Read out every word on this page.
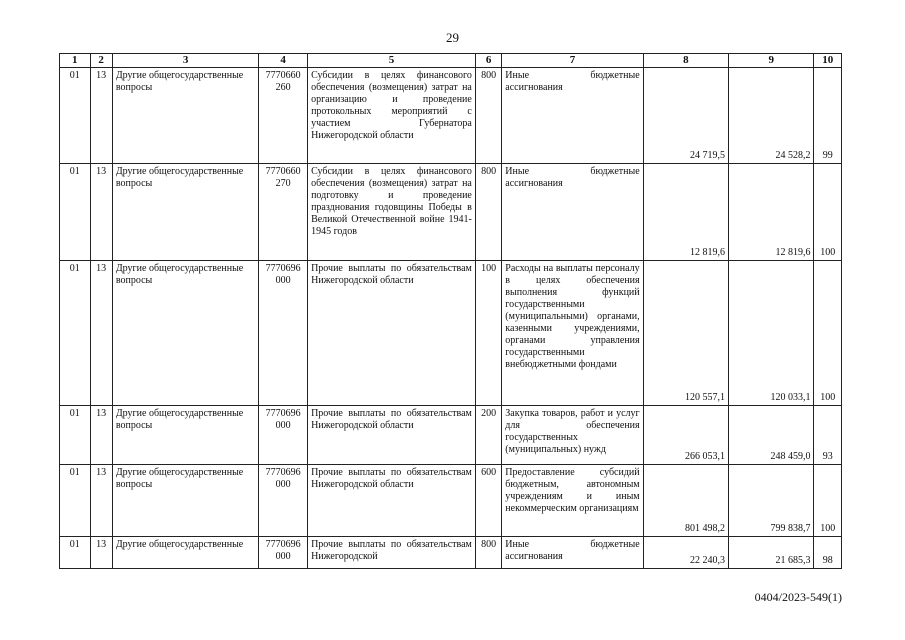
29
1	2	3	4	5	6	7	8	9	10
01	13	Другие общегосударственные вопросы	7770660 260	Субсидии в целях финансового обеспечения (возмещения) затрат на организацию и проведение протокольных мероприятий с участием Губернатора Нижегородской области	800	Иные бюджетные ассигнования	24 719,5	24 528,2	99
01	13	Другие общегосударственные вопросы	7770660 270	Субсидии в целях финансового обеспечения (возмещения) затрат на подготовку и проведение празднования годовщины Победы в Великой Отечественной войне 1941-1945 годов	800	Иные бюджетные ассигнования	12 819,6	12 819,6	100
01	13	Другие общегосударственные вопросы	7770696 000	Прочие выплаты по обязательствам Нижегородской области	100	Расходы на выплаты персоналу в целях обеспечения выполнения функций государственными (муниципальными) органами, казенными учреждениями, органами управления государственными внебюджетными фондами	120 557,1	120 033,1	100
01	13	Другие общегосударственные вопросы	7770696 000	Прочие выплаты по обязательствам Нижегородской области	200	Закупка товаров, работ и услуг для обеспечения государственных (муниципальных) нужд	266 053,1	248 459,0	93
01	13	Другие общегосударственные вопросы	7770696 000	Прочие выплаты по обязательствам Нижегородской области	600	Предоставление субсидий бюджетным, автономным учреждениям и иным некоммерческим организациям	801 498,2	799 838,7	100
01	13	Другие общегосударственные	7770696 000	Прочие выплаты по обязательствам Нижегородской	800	Иные бюджетные ассигнования	22 240,3	21 685,3	98
0404/2023-549(1)
